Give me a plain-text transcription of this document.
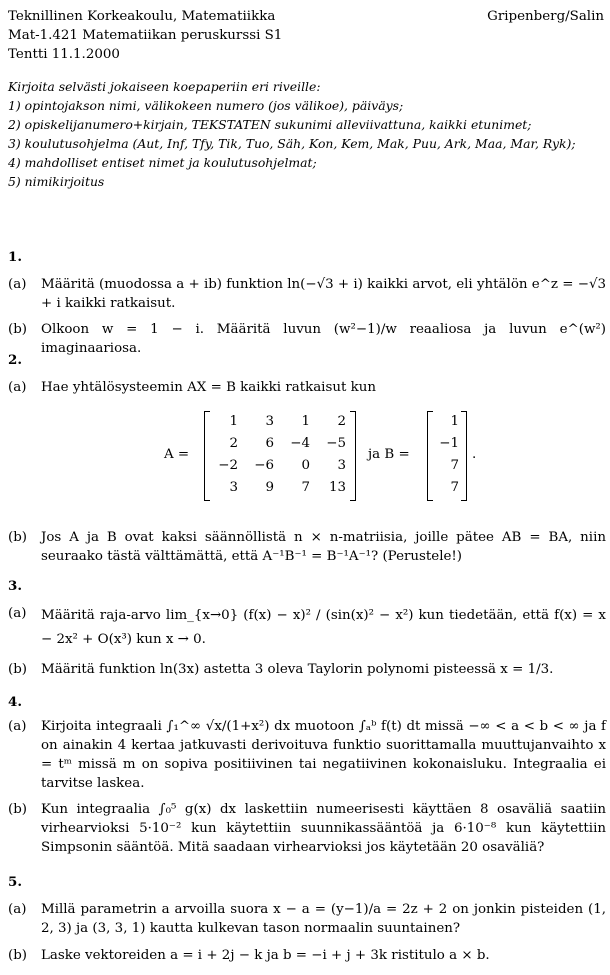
Teknillinen Korkeakoulu, Matematiikka	Gripenberg/Salin
Mat-1.421 Matematiikan peruskurssi S1
Tentti 11.1.2000
Kirjoita selvästi jokaiseen koepaperiin eri riveille:
1) opintojakson nimi, välikokeen numero (jos välikoe), päiväys;
2) opiskelijanumero+kirjain, TEKSTATEN sukunimi alleviivattuna, kaikki etunimet;
3) koulutusohjelma (Aut, Inf, Tfy, Tik, Tuo, Säh, Kon, Kem, Mak, Puu, Ark, Maa, Mar, Ryk);
4) mahdolliset entiset nimet ja koulutusohjelmat;
5) nimikirjoitus
1.
(a) Määritä (muodossa a + ib) funktion ln(−√3 + i) kaikki arvot, eli yhtälön e^z = −√3 + i kaikki ratkaisut.
(b) Olkoon w = 1 − i. Määritä luvun (w²−1)/w reaaliosa ja luvun e^(w²) imaginaariosa.
2.
(a) Hae yhtälösysteemin AX = B kaikki ratkaisut kun
A =
1	3	1	2
2	6	−4	−5
−2	−6	0	3
3	9	7	13
ja B =
1
−1
7
7
.
(b) Jos A ja B ovat kaksi säännöllistä n × n-matriisia, joille pätee AB = BA, niin seuraako tästä välttämättä, että A⁻¹B⁻¹ = B⁻¹A⁻¹? (Perustele!)
3.
(a) Määritä raja-arvo lim_{x→0} (f(x) − x)² / (sin(x)² − x²) kun tiedetään, että f(x) = x − 2x² + O(x³) kun x → 0.
(b) Määritä funktion ln(3x) astetta 3 oleva Taylorin polynomi pisteessä x = 1/3.
4.
(a) Kirjoita integraali ∫₁^∞ √x/(1+x²) dx muotoon ∫ₐᵇ f(t) dt missä −∞ < a < b < ∞ ja f on ainakin 4 kertaa jatkuvasti derivoituva funktio suorittamalla muuttujanvaihto x = tᵐ missä m on sopiva positiivinen tai negatiivinen kokonaisluku. Integraalia ei tarvitse laskea.
(b) Kun integraalia ∫₀⁵ g(x) dx laskettiin numeerisesti käyttäen 8 osaväliä saatiin virhearvioksi 5·10⁻² kun käytettiin suunnikassääntöä ja 6·10⁻⁸ kun käytettiin Simpsonin sääntöä. Mitä saadaan virhearvioksi jos käytetään 20 osaväliä?
5.
(a) Millä parametrin a arvoilla suora x − a = (y−1)/a = 2z + 2 on jonkin pisteiden (1, 2, 3) ja (3, 3, 1) kautta kulkevan tason normaalin suuntainen?
(b) Laske vektoreiden a = i + 2j − k ja b = −i + j + 3k ristitulo a × b.
